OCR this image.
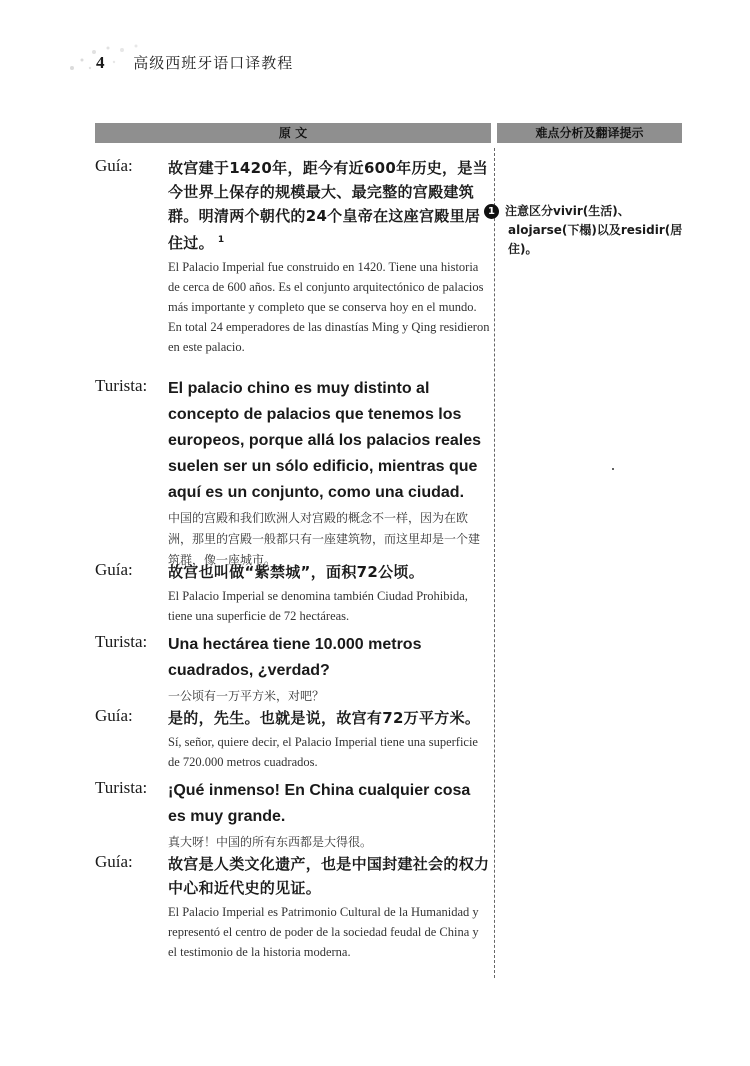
4 高级西班牙语口译教程
原 文	难点分析及翻译提示
1 注意区分vivir(生活)、
alojarse(下榻)以及residir(居住)。
Guía: 故宫建于1420年，距今有近600年历史，是当今世界上保存的规模最大、最完整的宫殿建筑群。明清两个朝代的24个皇帝在这座宫殿里居住过。 $^1$

El Palacio Imperial fue construido en 1420. Tiene una historia de cerca de 600 años. Es el conjunto arquitectónico de palacios más importante y completo que se conserva hoy en el mundo. En total 24 emperadores de las dinastías Ming y Qing residieron en este palacio.

Turista: El palacio chino es muy distinto al concepto de palacios que tenemos los europeos, porque allá los palacios reales suelen ser un sólo edificio, mientras que aquí es un conjunto, como una ciudad.

中国的宫殿和我们欧洲人对宫殿的概念不一样，因为在欧洲，那里的宫殿一般都只有一座建筑物，而这里却是一个建筑群，像一座城市。

Guía: 故宫也叫做“紫禁城”，面积72公顷。

El Palacio Imperial se denomina también Ciudad Prohibida, tiene una superficie de 72 hectáreas.

Turista: Una hectárea tiene 10.000 metros cuadrados, ¿verdad?

一公顷有一万平方米，对吧？

Guía: 是的，先生。也就是说，故宫有72万平方米。

Sí, señor, quiere decir, el Palacio Imperial tiene una superficie de 720.000 metros cuadrados.

Turista: ¡Qué inmenso! En China cualquier cosa es muy grande.

真大呀！中国的所有东西都是大得很。

Guía: 故宫是人类文化遗产，也是中国封建社会的权力中心和近代史的见证。

El Palacio Imperial es Patrimonio Cultural de la Humanidad y representó el centro de poder de la sociedad feudal de China y el testimonio de la historia moderna.
